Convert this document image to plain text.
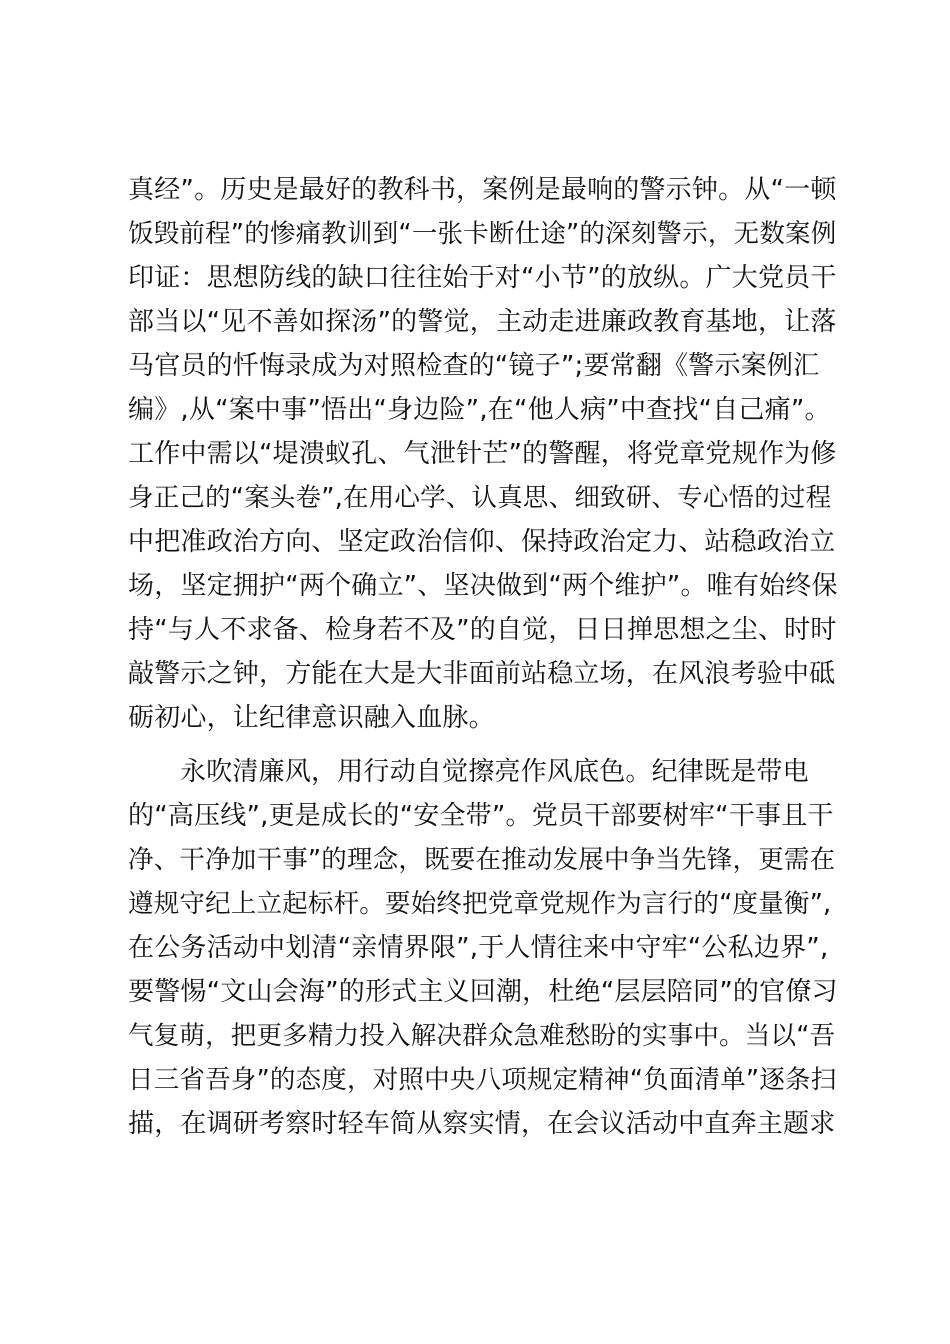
真经”。历史是最好的教科书，案例是最响的警示钟。从“一顿
饭毁前程”的惨痛教训到“一张卡断仕途”的深刻警示，无数案例
印证：思想防线的缺口往往始于对“小节”的放纵。广大党员干
部当以“见不善如探汤”的警觉，主动走进廉政教育基地，让落
马官员的忏悔录成为对照检查的“镜子”;要常翻《警示案例汇
编》,从“案中事”悟出“身边险”,在“他人病”中查找“自己痛”。
工作中需以“堤溃蚁孔、气泄针芒”的警醒，将党章党规作为修
身正己的“案头卷”,在用心学、认真思、细致研、专心悟的过程
中把准政治方向、坚定政治信仰、保持政治定力、站稳政治立
场，坚定拥护“两个确立”、坚决做到“两个维护”。唯有始终保
持“与人不求备、检身若不及”的自觉，日日掸思想之尘、时时
敲警示之钟，方能在大是大非面前站稳立场，在风浪考验中砥
砺初心，让纪律意识融入血脉。
永吹清廉风，用行动自觉擦亮作风底色。纪律既是带电
的“高压线”,更是成长的“安全带”。党员干部要树牢“干事且干
净、干净加干事”的理念，既要在推动发展中争当先锋，更需在
遵规守纪上立起标杆。要始终把党章党规作为言行的“度量衡”,
在公务活动中划清“亲情界限”,于人情往来中守牢“公私边界”,
要警惕“文山会海”的形式主义回潮，杜绝“层层陪同”的官僚习
气复萌，把更多精力投入解决群众急难愁盼的实事中。当以“吾
日三省吾身”的态度，对照中央八项规定精神“负面清单”逐条扫
描，在调研考察时轻车简从察实情，在会议活动中直奔主题求
